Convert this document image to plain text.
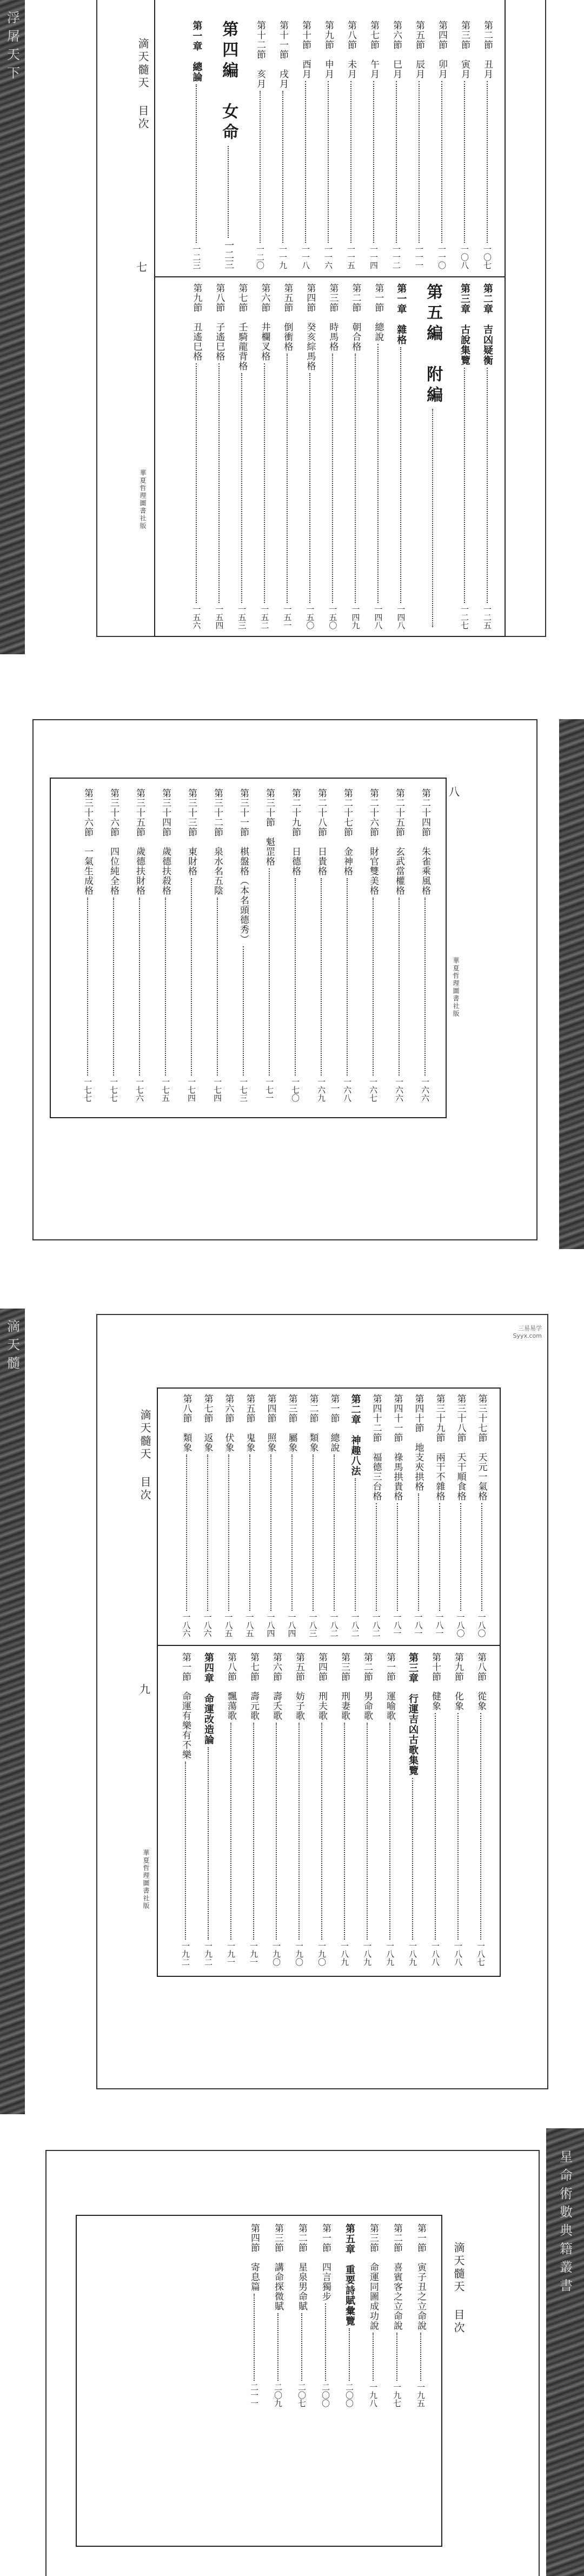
浮屠天下	滴天髓天 目次
七
華夏哲理圖書社版
第二節　丑月
一〇七
第三節　寅月
一〇八
第四節　卯月
一一〇
第五節　辰月
一一一
第六節　巳月
一一二
第七節　午月
一一四
第八節　未月
一一五
第九節　申月
一一六
第十節　酉月
一一八
第十一節　戌月
一一九
第十二節　亥月
一二〇
第四編　女命
一二三
第一章　總論
一二三
第二章　吉凶疑衡
一二五
第三章　古說集覽
一二七
第五編　附編
第一章　雜格
一四八
第一節　總說
一四八
第二節　朝合格
一四九
第三節　時馬格
一五〇
第四節　癸亥綜馬格
一五〇
第五節　倒衝格
一五一
第六節　井欄叉格
一五二
第七節　壬騎龍背格
一五三
第八節　子遙巳格
一五四
第九節　丑遙巳格
一五六
八
華夏哲理圖書社版
第二十四節　朱雀乘風格
一六六
第二十五節　玄武當權格
一六六
第二十六節　財官雙美格
一六七
第二十七節　金神格
一六八
第二十八節　日貴格
一六九
第二十九節　日德格
一七〇
第三十節　魁罡格
一七一
第三十一節　棋盤格（本名頭德秀）
一七三
第三十二節　泉水名五陰
一七四
第三十三節　東財格
一七四
第三十四節　歲德扶殺格
一七五
第三十五節　歲德扶財格
一七六
第三十六節　四位純全格
一七七
第三十六節　一氣生成格
一七七
滴天髓	三易易学
Syyx.com
滴天髓天 目次
九
華夏哲理圖書社版
第三十七節　天元一氣格
一八〇
第三十八節　天干順食格
一八〇
第三十九節　兩干不雜格
一八一
第四十節　地支夾拱格
一八一
第四十一節　祿馬拱貴格
一八一
第四十二節　福德三台格
一八二
第二章　神趣八法
一八二
第一節　總說
一八二
第二節　類象
一八三
第三節　屬象
一八四
第四節　照象
一八四
第五節　鬼象
一八五
第六節　伏象
一八五
第七節　返象
一八六
第八節　類象
一八六
第八節　從象
一八七
第九節　化象
一八八
第十節　健象
一八八
第三章　行運吉凶古歌集覽
一八九
第一節　運喻歌
一八九
第二節　男命歌
一八九
第三節　刑妻歌
一八九
第四節　刑夫歌
一九〇
第五節　妨子歌
一九〇
第六節　壽夭歌
一九〇
第七節　壽元歌
一九一
第八節　飄蕩歌
一九一
第四章　命運改造論
一九二
第一節　命運有樂有不樂
一九二
星命術數典籍叢書
滴天髓天 目次
第一節　寅子丑之立命說
一九五
第二節　喜賓客之立命說
一九七
第三節　命運同圖成功說
一九八
第五章　重要詩賦彙覽
二〇〇
第一節　四言獨步
二〇〇
第二節　星泉男命賦
二〇七
第三節　講命探微賦
二〇九
第四節　寄息篇
二一一
